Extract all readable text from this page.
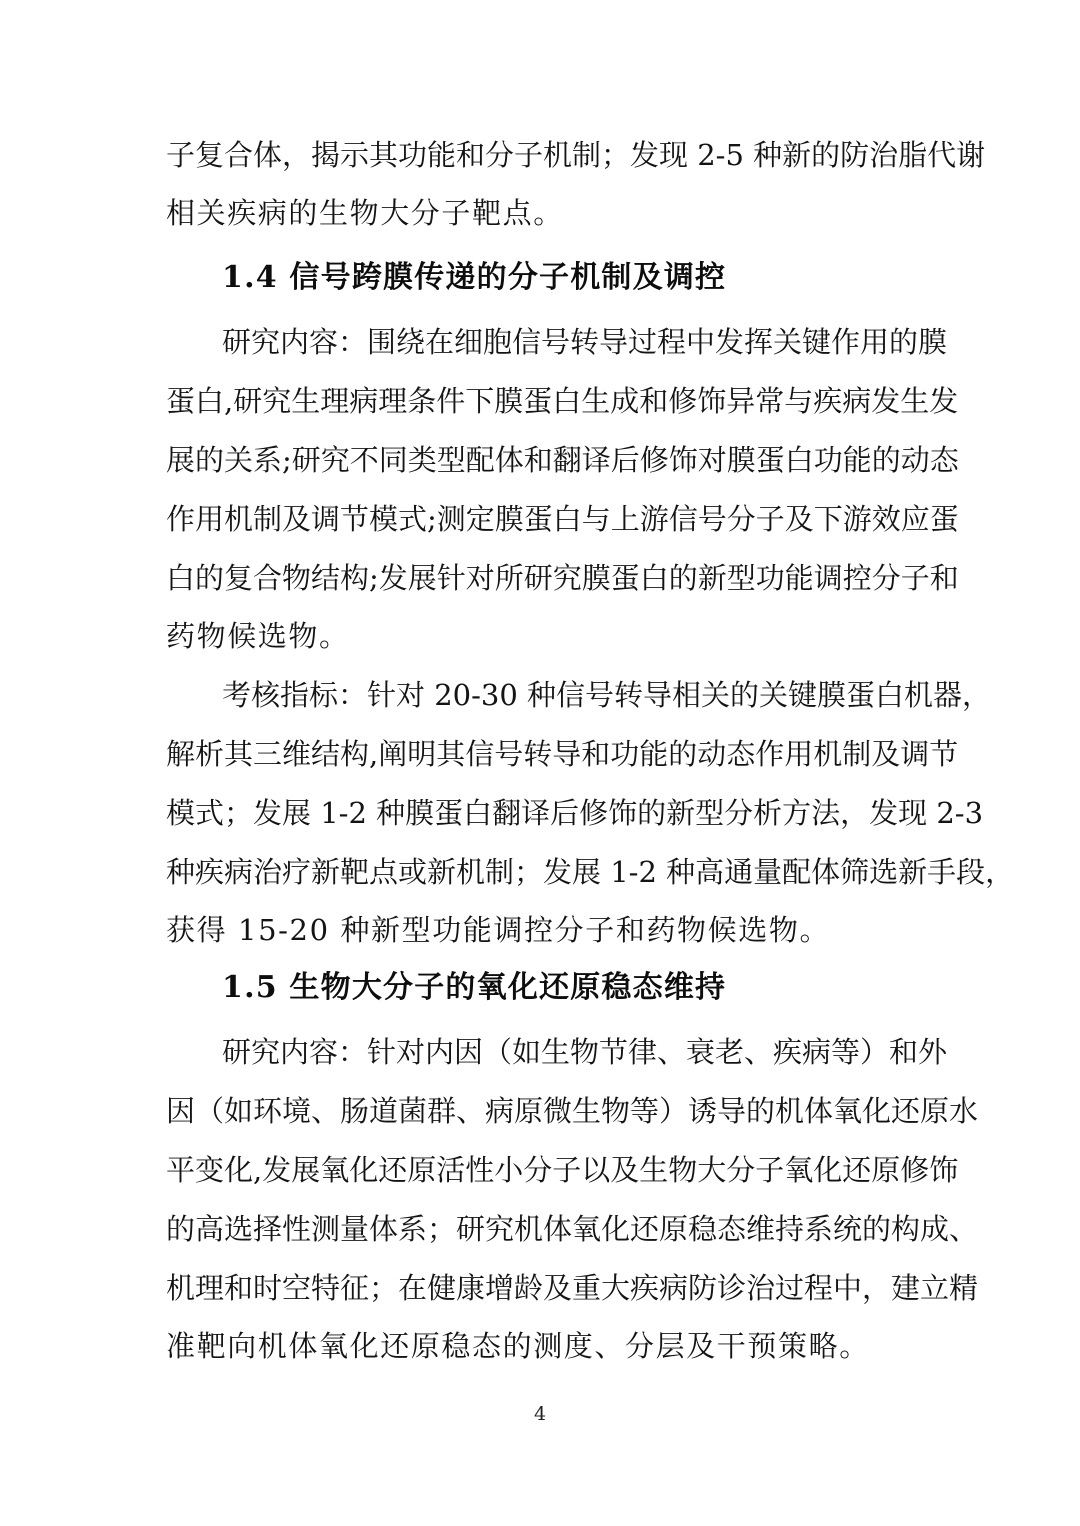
子复合体，揭示其功能和分子机制；发现 2-5 种新的防治脂代谢
相关疾病的生物大分子靶点。
1.4 信号跨膜传递的分子机制及调控
研究内容：围绕在细胞信号转导过程中发挥关键作用的膜
蛋白,研究生理病理条件下膜蛋白生成和修饰异常与疾病发生发
展的关系;研究不同类型配体和翻译后修饰对膜蛋白功能的动态
作用机制及调节模式;测定膜蛋白与上游信号分子及下游效应蛋
白的复合物结构;发展针对所研究膜蛋白的新型功能调控分子和
药物候选物。
考核指标：针对 20-30 种信号转导相关的关键膜蛋白机器，
解析其三维结构,阐明其信号转导和功能的动态作用机制及调节
模式；发展 1-2 种膜蛋白翻译后修饰的新型分析方法，发现 2-3
种疾病治疗新靶点或新机制；发展 1-2 种高通量配体筛选新手段，
获得 15-20 种新型功能调控分子和药物候选物。
1.5 生物大分子的氧化还原稳态维持
研究内容：针对内因（如生物节律、衰老、疾病等）和外
因（如环境、肠道菌群、病原微生物等）诱导的机体氧化还原水
平变化,发展氧化还原活性小分子以及生物大分子氧化还原修饰
的高选择性测量体系；研究机体氧化还原稳态维持系统的构成、
机理和时空特征；在健康增龄及重大疾病防诊治过程中，建立精
准靶向机体氧化还原稳态的测度、分层及干预策略。
4
